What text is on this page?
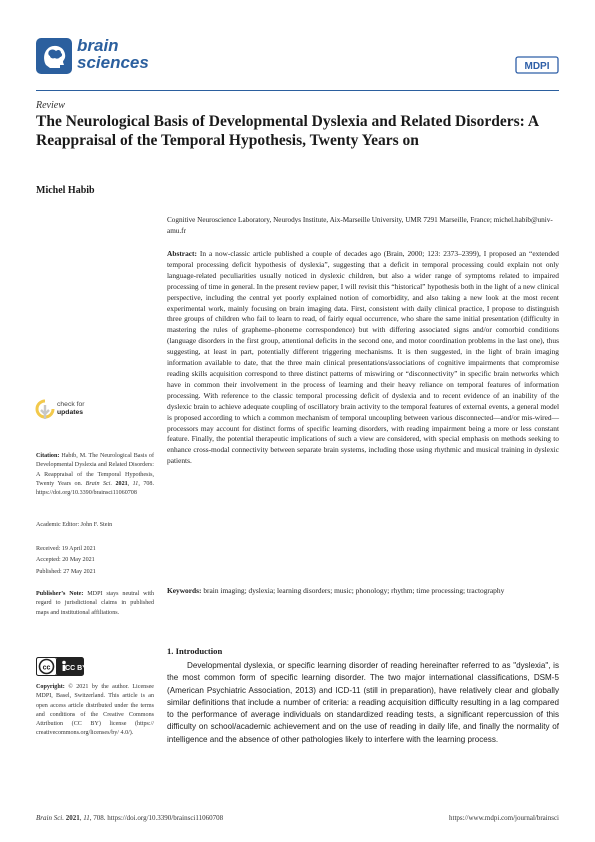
brain
sciences	MDPI
Review
The Neurological Basis of Developmental Dyslexia and Related Disorders: A Reappraisal of the Temporal Hypothesis, Twenty Years on
Michel Habib
Cognitive Neuroscience Laboratory, Neurodys Institute, Aix-Marseille University, UMR 7291 Marseille, France; michel.habib@univ-amu.fr
Abstract: In a now-classic article published a couple of decades ago (Brain, 2000; 123: 2373–2399), I proposed an “extended temporal processing deficit hypothesis of dyslexia”, suggesting that a deficit in temporal processing could explain not only language-related peculiarities usually noticed in dyslexic children, but also a wider range of symptoms related to impaired processing of time in general. In the present review paper, I will revisit this “historical” hypothesis both in the light of a new clinical perspective, including the central yet poorly explained notion of comorbidity, and also taking a new look at the most recent experimental work, mainly focusing on brain imaging data. First, consistent with daily clinical practice, I propose to distinguish three groups of children who fail to learn to read, of fairly equal occurrence, who share the same initial presentation (difficulty in mastering the rules of grapheme–phoneme correspondence) but with differing associated signs and/or comorbid conditions (language disorders in the first group, attentional deficits in the second one, and motor coordination problems in the last one), thus suggesting, at least in part, potentially different triggering mechanisms. It is then suggested, in the light of brain imaging information available to date, that the three main clinical presentations/associations of cognitive impairments that compromise reading skills acquisition correspond to three distinct patterns of miswiring or “disconnectivity” in specific brain networks which have in common their involvement in the process of learning and their heavy reliance on temporal features of information processing. With reference to the classic temporal processing deficit of dyslexia and to recent evidence of an inability of the dyslexic brain to achieve adequate coupling of oscillatory brain activity to the temporal features of external events, a general model is proposed according to which a common mechanism of temporal uncoupling between various disconnected—and/or mis-wired—processors may account for distinct forms of specific learning disorders, with reading impairment being a more or less constant feature. Finally, the potential therapeutic implications of such a view are considered, with special emphasis on methods seeking to enhance cross-modal connectivity between separate brain systems, including those using rhythmic and musical training in dyslexic patients.
Keywords: brain imaging; dyslexia; learning disorders; music; phonology; rhythm; time processing; tractography
check for
updates
Citation: Habib, M. The Neurological Basis of Developmental Dyslexia and Related Disorders: A Reappraisal of the Temporal Hypothesis, Twenty Years on. Brain Sci. 2021, 11, 708. https://doi.org/10.3390/brainsci11060708
Academic Editor: John F. Stein
Received: 19 April 2021
Accepted: 20 May 2021
Published: 27 May 2021
Publisher’s Note: MDPI stays neutral with regard to jurisdictional claims in published maps and institutional affiliations.
cc CC BY
Copyright: © 2021 by the author. Licensee MDPI, Basel, Switzerland. This article is an open access article distributed under the terms and conditions of the Creative Commons Attribution (CC BY) license (https:// creativecommons.org/licenses/by/ 4.0/).
1. Introduction
Developmental dyslexia, or specific learning disorder of reading hereinafter referred to as "dyslexia", is the most common form of specific learning disorder. The two major international classifications, DSM-5 (American Psychiatric Association, 2013) and ICD-11 (still in preparation), have relatively clear and globally similar definitions that include a number of criteria: a reading acquisition difficulty resulting in a lag compared to the performance of average individuals on standardized reading tests, a significant repercussion of this difficulty on school/academic achievement and on the use of reading in daily life, and finally the normality of intelligence and the absence of other pathologies likely to interfere with the learning process.
Brain Sci. 2021, 11, 708. https://doi.org/10.3390/brainsci11060708	https://www.mdpi.com/journal/brainsci
